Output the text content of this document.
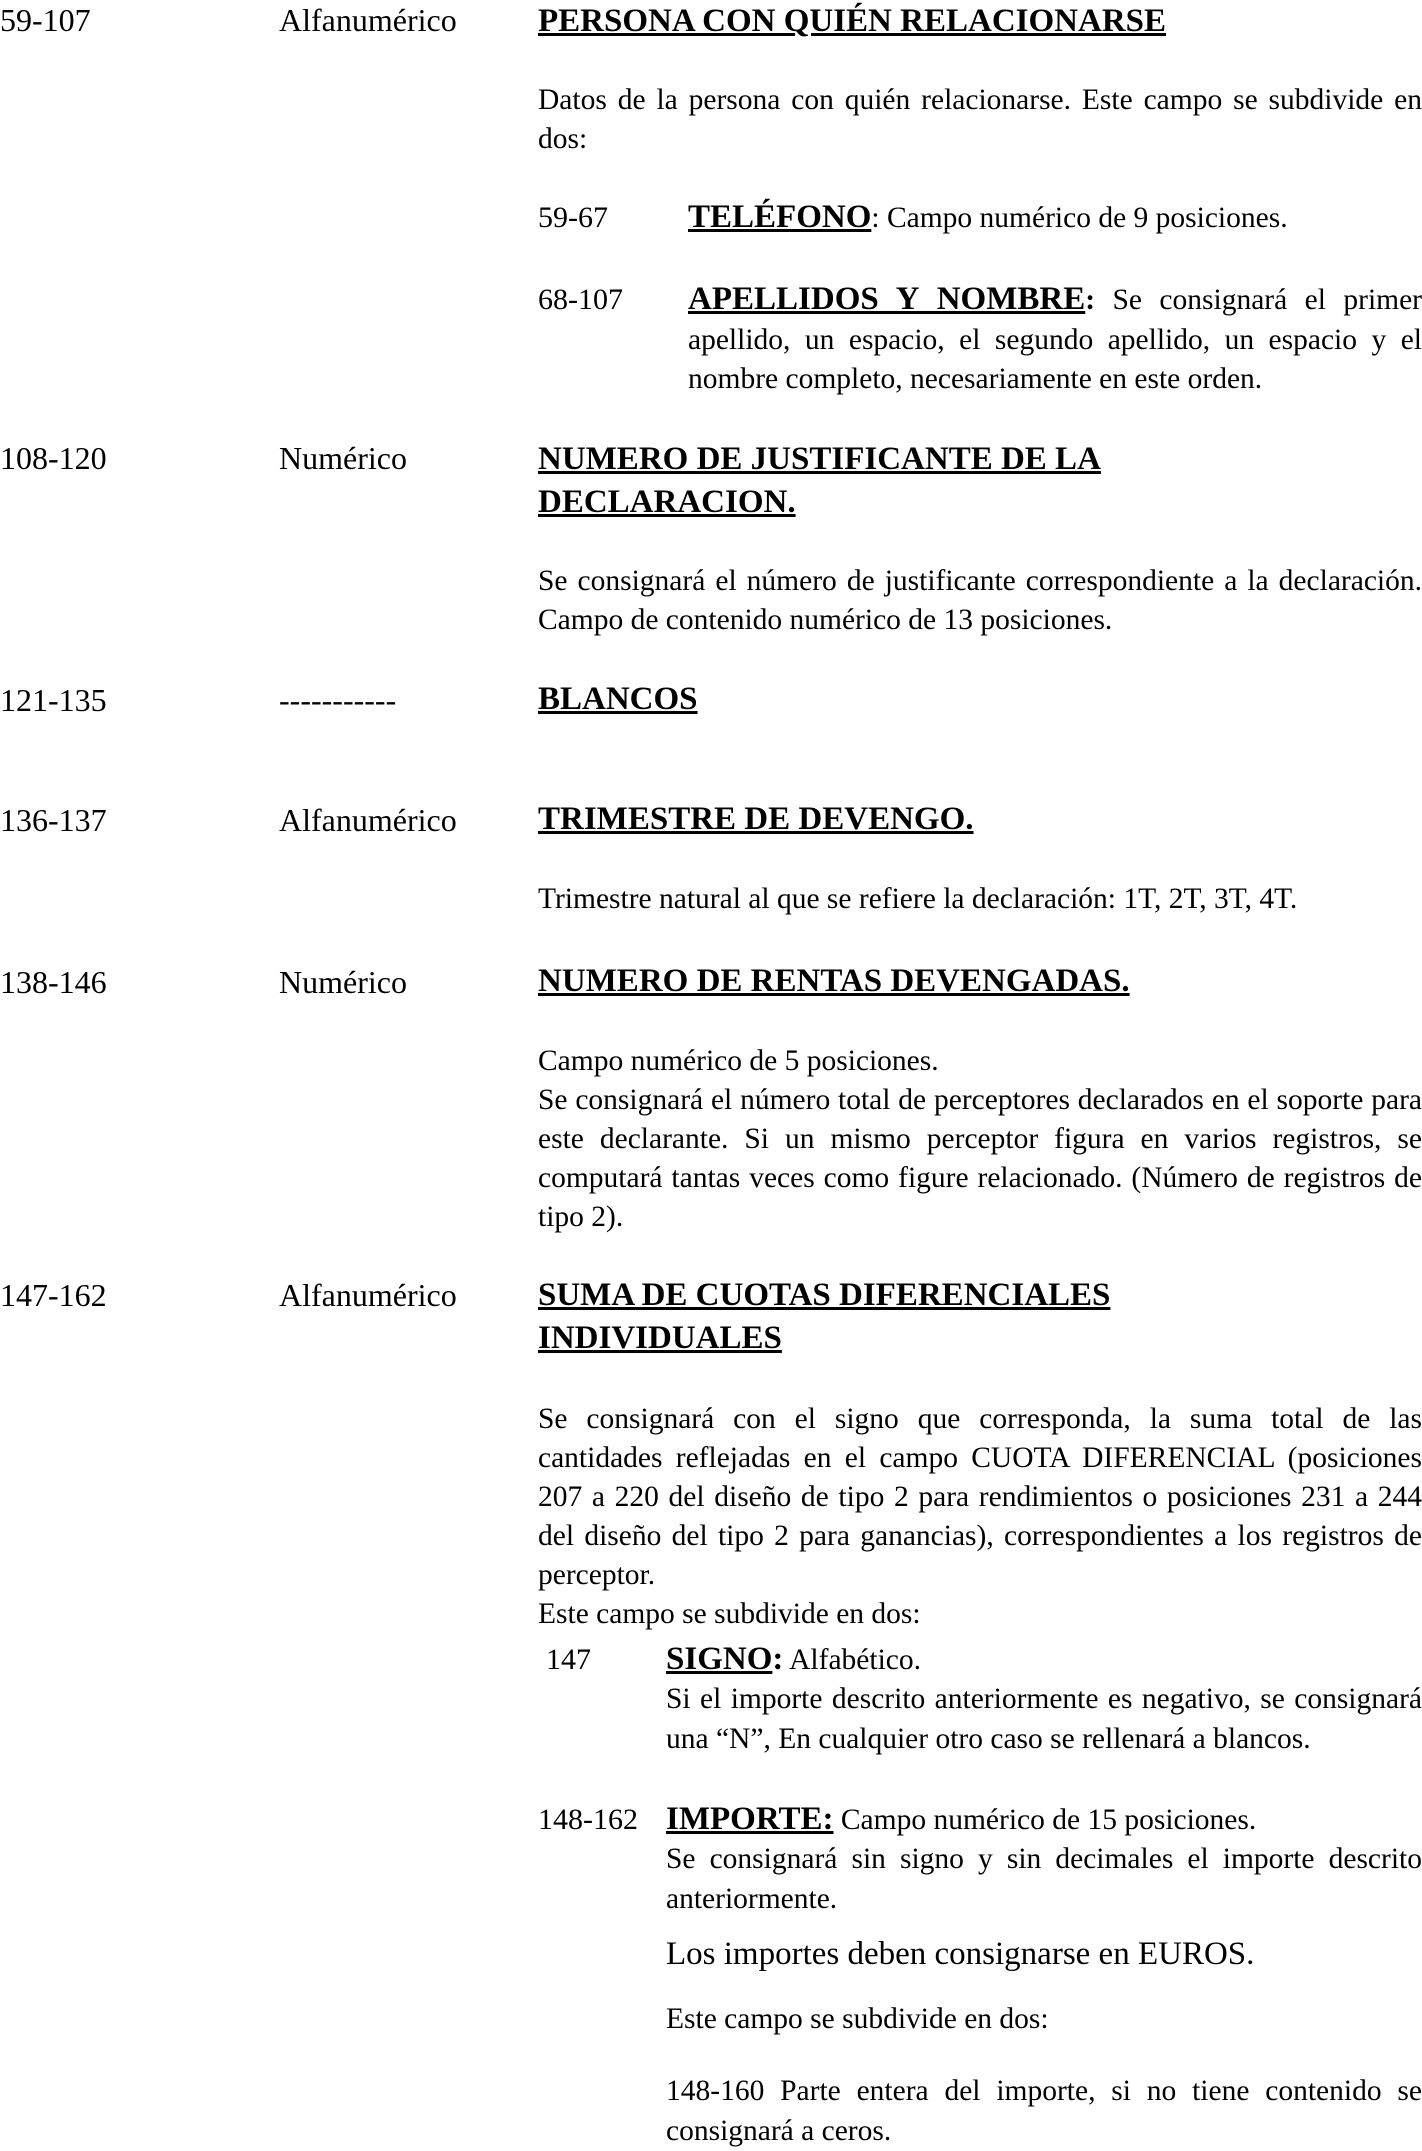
59-107	Alfanumérico PERSONA CON QUIÉN RELACIONARSE
Datos de la persona con quién relacionarse. Este campo se subdivide en dos:
59-67 TELÉFONO: Campo numérico de 9 posiciones.
68-107 APELLIDOS Y NOMBRE: Se consignará el primer apellido, un espacio, el segundo apellido, un espacio y el nombre completo, necesariamente en este orden.
108-120	Numérico	NUMERO DE JUSTIFICANTE DE LA DECLARACION.
Se consignará el número de justificante correspondiente a la declaración. Campo de contenido numérico de 13 posiciones.
121-135	-----------	BLANCOS
136-137	Alfanumérico TRIMESTRE DE DEVENGO.
Trimestre natural al que se refiere la declaración: 1T, 2T, 3T, 4T.
138-146	Numérico	NUMERO DE RENTAS DEVENGADAS.
Campo numérico de 5 posiciones.
Se consignará el número total de perceptores declarados en el soporte para este declarante. Si un mismo perceptor figura en varios registros, se computará tantas veces como figure relacionado. (Número de registros de tipo 2).
147-162	Alfanumérico SUMA DE CUOTAS DIFERENCIALES INDIVIDUALES
Se consignará con el signo que corresponda, la suma total de las cantidades reflejadas en el campo CUOTA DIFERENCIAL (posiciones 207 a 220 del diseño de tipo 2 para rendimientos o posiciones 231 a 244 del diseño del tipo 2 para ganancias), correspondientes a los registros de perceptor.
Este campo se subdivide en dos:
147 SIGNO: Alfabético.
Si el importe descrito anteriormente es negativo, se consignará una “N”, En cualquier otro caso se rellenará a blancos.
148-162 IMPORTE: Campo numérico de 15 posiciones.
Se consignará sin signo y sin decimales el importe descrito anteriormente.
Los importes deben consignarse en EUROS.
Este campo se subdivide en dos:
148-160 Parte entera del importe, si no tiene contenido se consignará a ceros.
